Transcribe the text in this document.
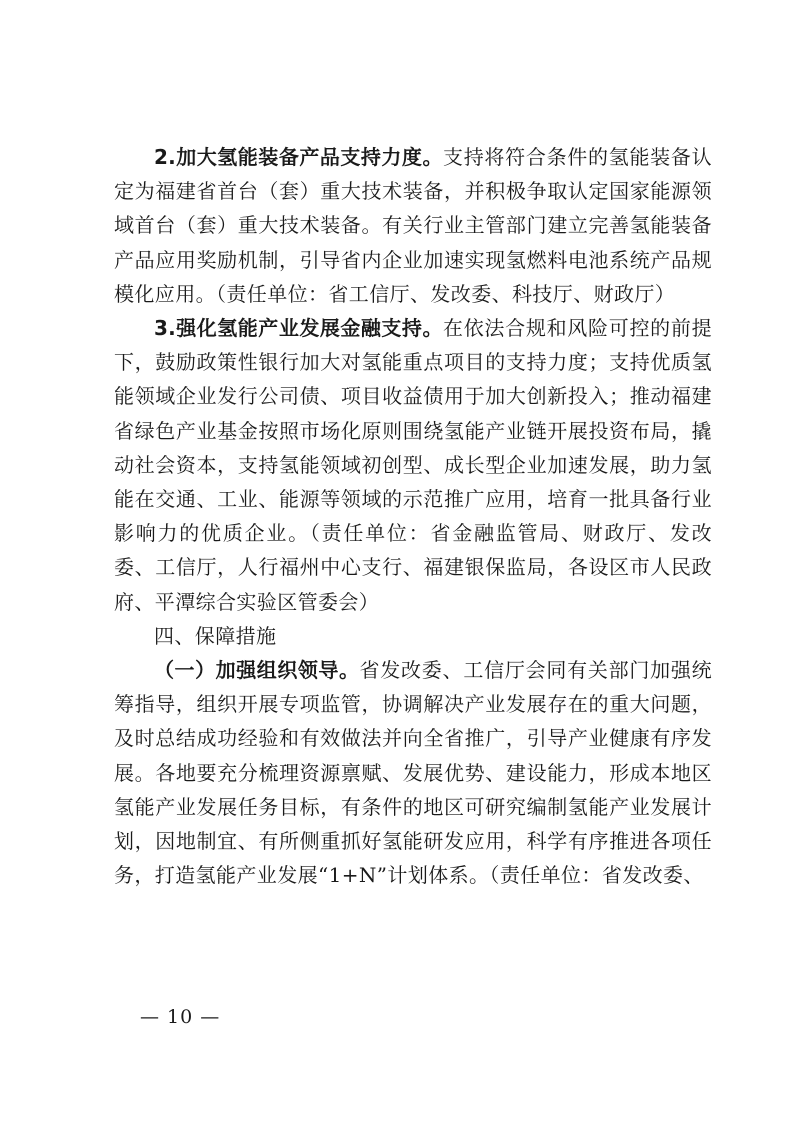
2.加大氢能装备产品支持力度。支持将符合条件的氢能装备认定为福建省首台（套）重大技术装备，并积极争取认定国家能源领域首台（套）重大技术装备。有关行业主管部门建立完善氢能装备产品应用奖励机制，引导省内企业加速实现氢燃料电池系统产品规模化应用。（责任单位：省工信厅、发改委、科技厅、财政厅）

3.强化氢能产业发展金融支持。在依法合规和风险可控的前提下，鼓励政策性银行加大对氢能重点项目的支持力度；支持优质氢能领域企业发行公司债、项目收益债用于加大创新投入；推动福建省绿色产业基金按照市场化原则围绕氢能产业链开展投资布局，撬动社会资本，支持氢能领域初创型、成长型企业加速发展，助力氢能在交通、工业、能源等领域的示范推广应用，培育一批具备行业影响力的优质企业。（责任单位：省金融监管局、财政厅、发改委、工信厅，人行福州中心支行、福建银保监局，各设区市人民政府、平潭综合实验区管委会）

四、保障措施

（一）加强组织领导。省发改委、工信厅会同有关部门加强统筹指导，组织开展专项监管，协调解决产业发展存在的重大问题，及时总结成功经验和有效做法并向全省推广，引导产业健康有序发展。各地要充分梳理资源禀赋、发展优势、建设能力，形成本地区氢能产业发展任务目标，有条件的地区可研究编制氢能产业发展计划，因地制宜、有所侧重抓好氢能研发应用，科学有序推进各项任务，打造氢能产业发展“1+N”计划体系。（责任单位：省发改委、

— 10 —
